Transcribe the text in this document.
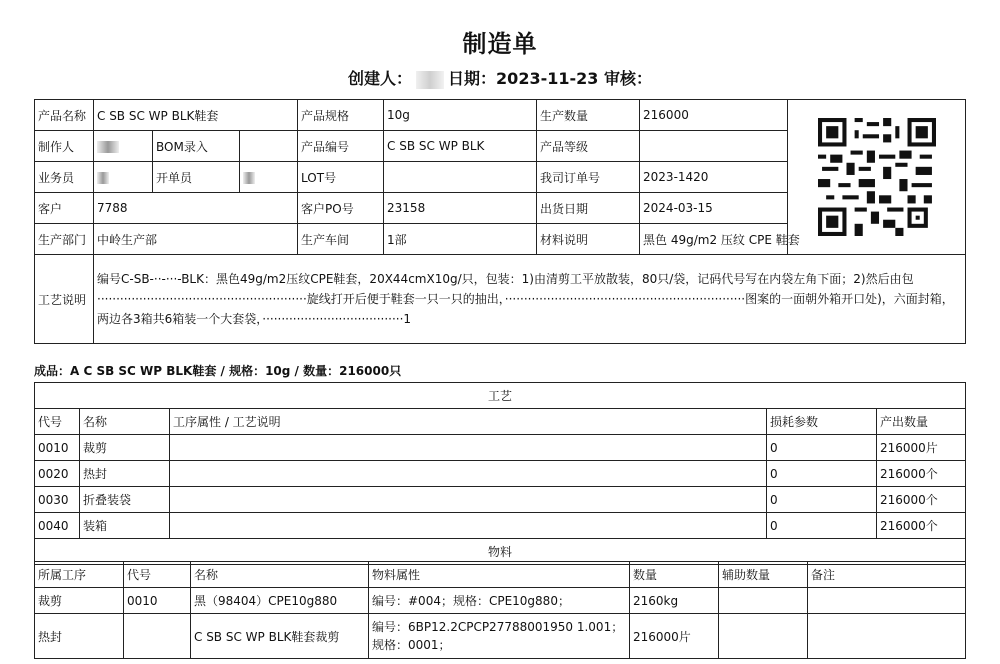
制造单
创建人： 日期：2023-11-23 审核：
产品名称	C SB SC WP BLK鞋套			产品规格	10g	生产数量	216000	

制作人		BOM录入		产品编号	C SB SC WP BLK	产品等级		
业务员		开单员		LOT号		我司订单号	2023-1420	
客户	7788			客户PO号	23158	出货日期	2024-03-15	
生产部门	中岭生产部			生产车间	1部	材料说明	黑色 49g/m2 压纹 CPE 鞋套	
工艺说明	编号C-SB-··-···-BLK：黑色49g/m2压纹CPE鞋套，20X44cmX10g/只，包装：1)由清剪工平放散装，80只/袋，记码代号写在内袋左角下面；2)然后由包·······················································旋线打开后便于鞋套一只一只的抽出，·······························································图案的一面朝外箱开口处)，六面封箱，两边各3箱共6箱装一个大套袋，·····································1							
成品：A C SB SC WP BLK鞋套 / 规格：10g / 数量：216000只
工艺				
代号	名称	工序属性 / 工艺说明	损耗参数	产出数量
0010	裁剪		0	216000片
0020	热封		0	216000个
0030	折叠装袋		0	216000个
0040	装箱		0	216000个
物料				
所属工序	代号	名称	物料属性	数量	辅助数量	备注
裁剪	0010	黑（98404）CPE10g880	编号：#004；规格：CPE10g880；	2160kg		
热封		C SB SC WP BLK鞋套裁剪	编号：6BP12.2CPCP27788001950 1.001；
规格：0001；	216000片		
